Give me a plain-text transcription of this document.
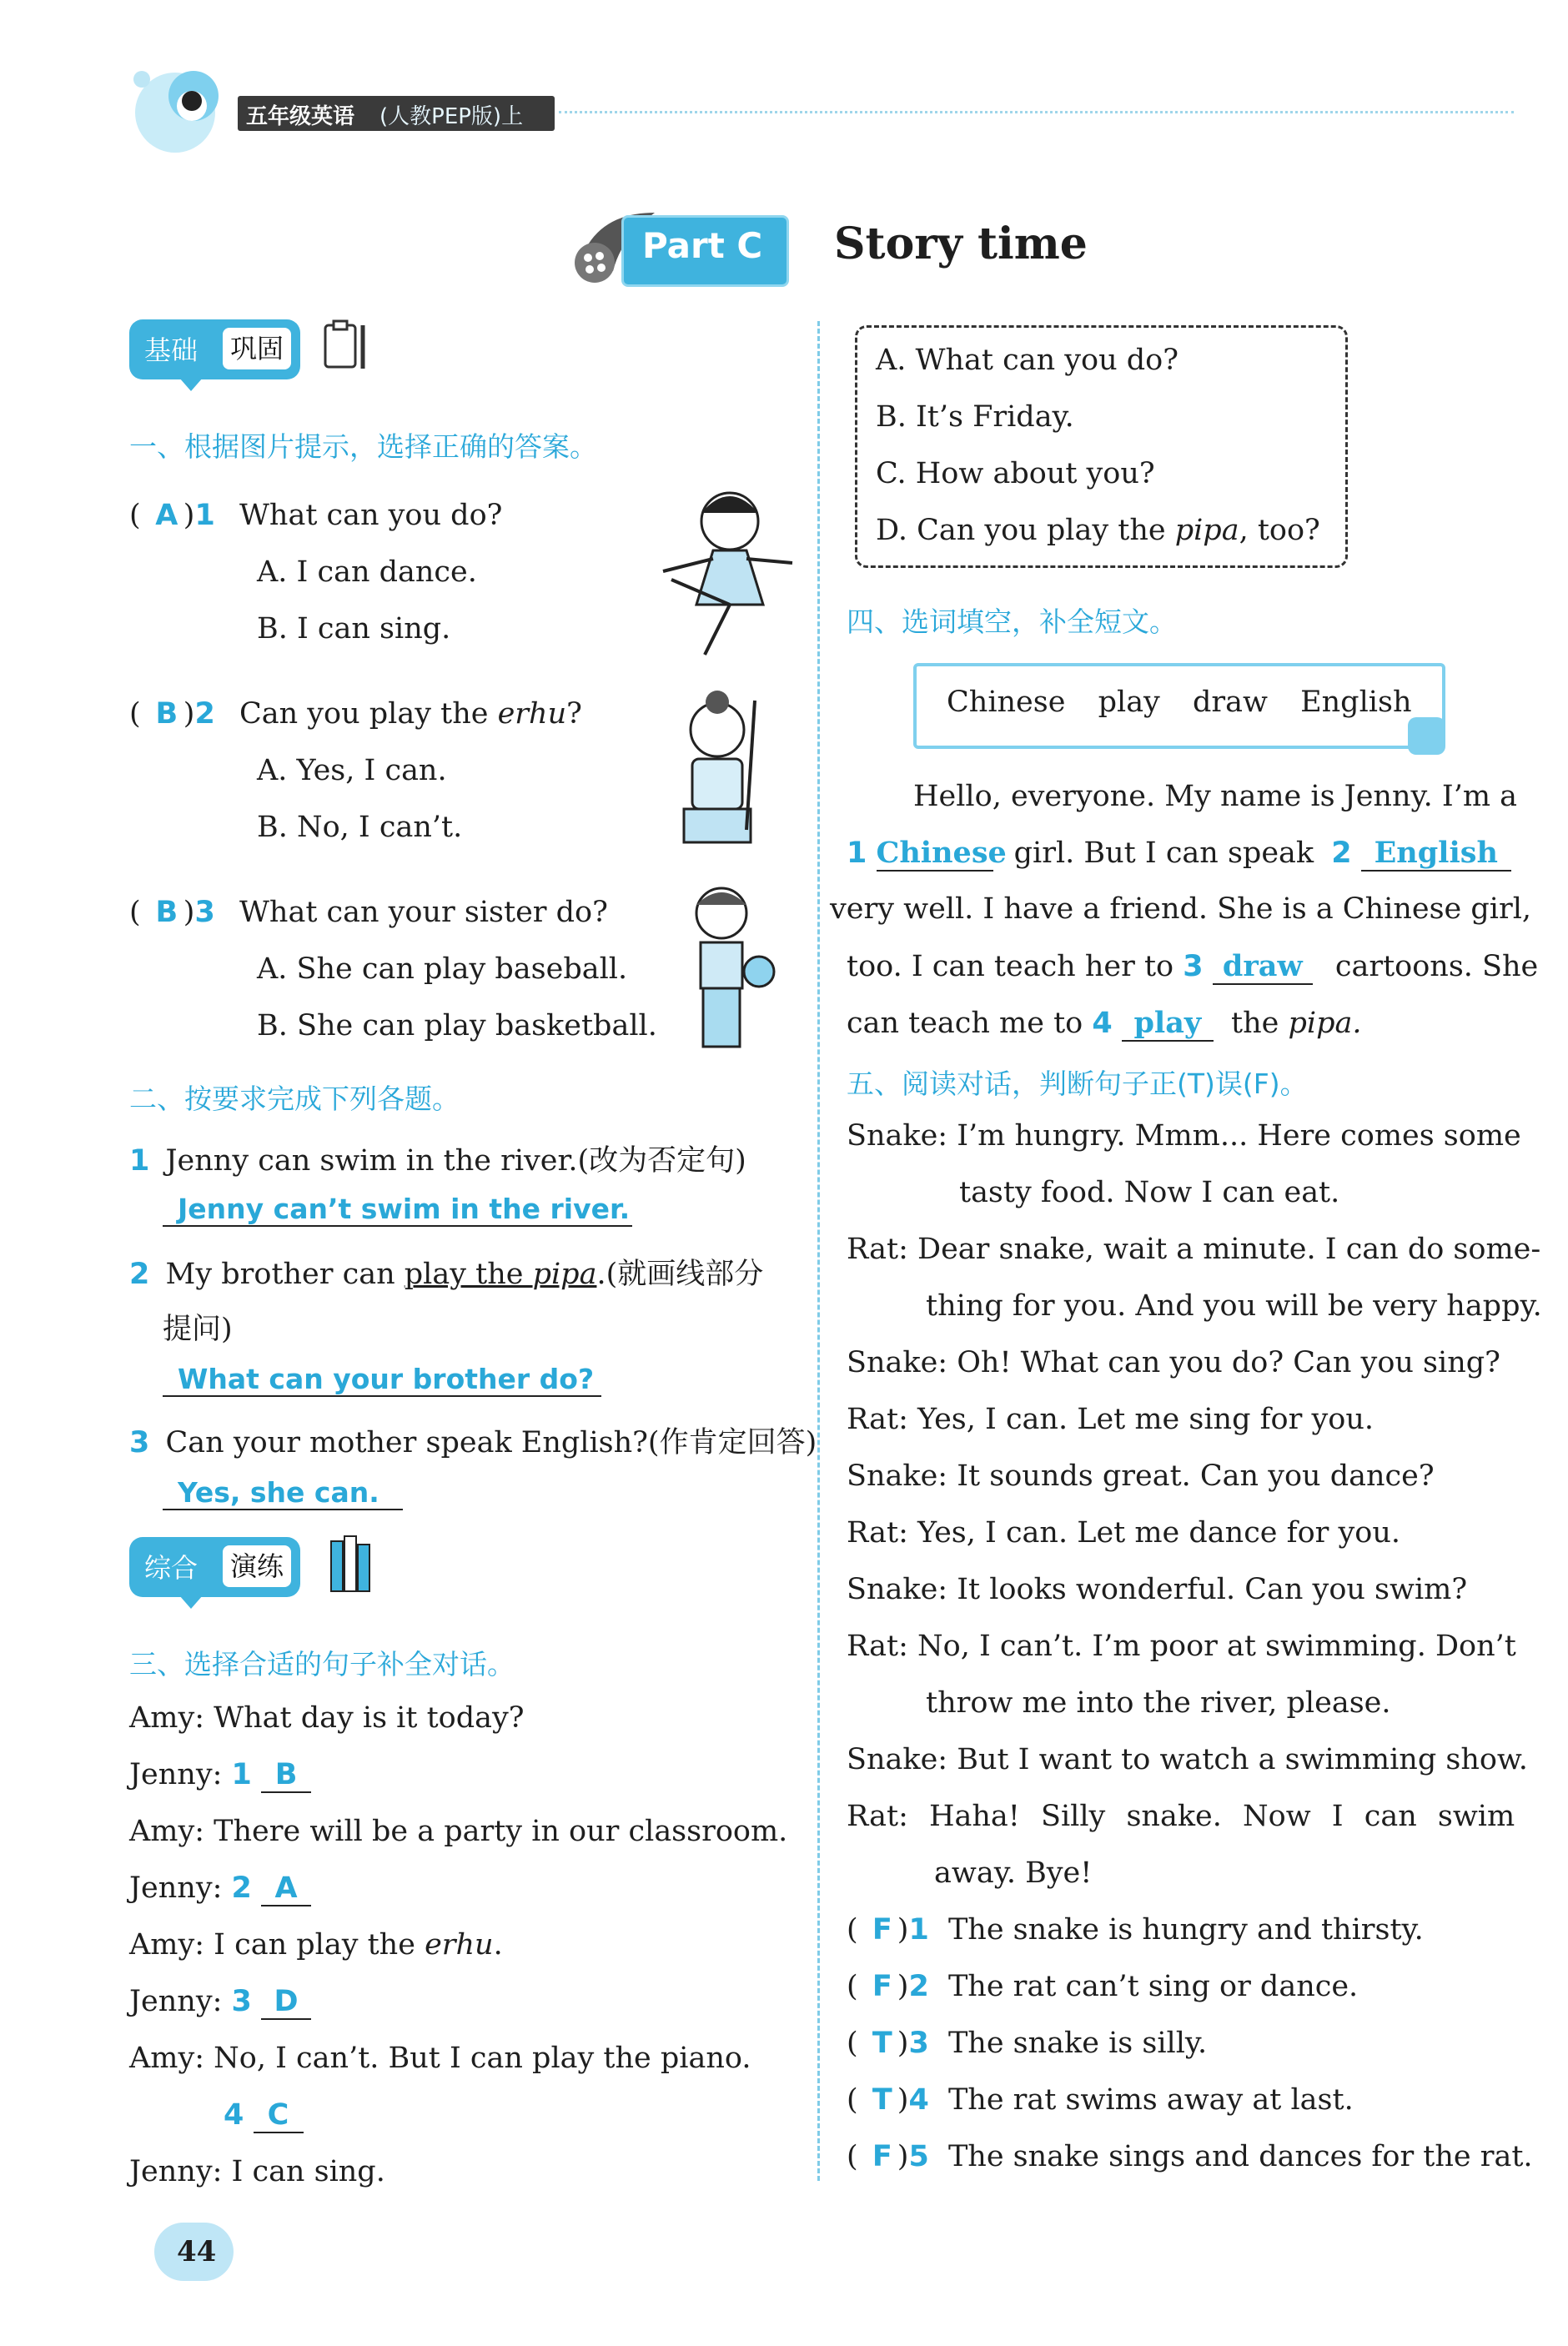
五年级英语 (人教PEP版)上
Part C Story time
基础 巩固
一、根据图片提示，选择正确的答案。
( A )1 What can you do?
A. I can dance.
B. I can sing.
( B )2 Can you play the erhu?
A. Yes, I can.
B. No, I can’t.
( B )3 What can your sister do?
A. She can play baseball.
B. She can play basketball.
二、按要求完成下列各题。
1 Jenny can swim in the river.(改为否定句)
Jenny can’t swim in the river.
2 My brother can play the pipa.(就画线部分
提问)
What can your brother do?
3 Can your mother speak English?(作肯定回答)
Yes, she can.
综合 演练
三、选择合适的句子补全对话。
Amy: What day is it today?
Jenny: 1 B
Amy: There will be a party in our classroom.
Jenny: 2 A
Amy: I can play the erhu.
Jenny: 3 D
Amy: No, I can’t. But I can play the piano.
4 C
Jenny: I can sing.
A. What can you do?
B. It’s Friday.
C. How about you?
D. Can you play the pipa, too?
四、选词填空，补全短文。
Chinese play draw English
Hello, everyone. My name is Jenny. I’m a
1 Chinese girl. But I can speak 2 English
very well. I have a friend. She is a Chinese girl,
too. I can teach her to 3 draw cartoons. She
can teach me to 4 play the pipa.
五、阅读对话，判断句子正(T)误(F)。
Snake: I’m hungry. Mmm... Here comes some
tasty food. Now I can eat.
Rat: Dear snake, wait a minute. I can do some-
thing for you. And you will be very happy.
Snake: Oh! What can you do? Can you sing?
Rat: Yes, I can. Let me sing for you.
Snake: It sounds great. Can you dance?
Rat: Yes, I can. Let me dance for you.
Snake: It looks wonderful. Can you swim?
Rat: No, I can’t. I’m poor at swimming. Don’t
throw me into the river, please.
Snake: But I want to watch a swimming show.
Rat: Haha! Silly snake. Now I can swim
away. Bye!
( F )1 The snake is hungry and thirsty.
( F )2 The rat can’t sing or dance.
( T )3 The snake is silly.
( T )4 The rat swims away at last.
( F )5 The snake sings and dances for the rat.
44
